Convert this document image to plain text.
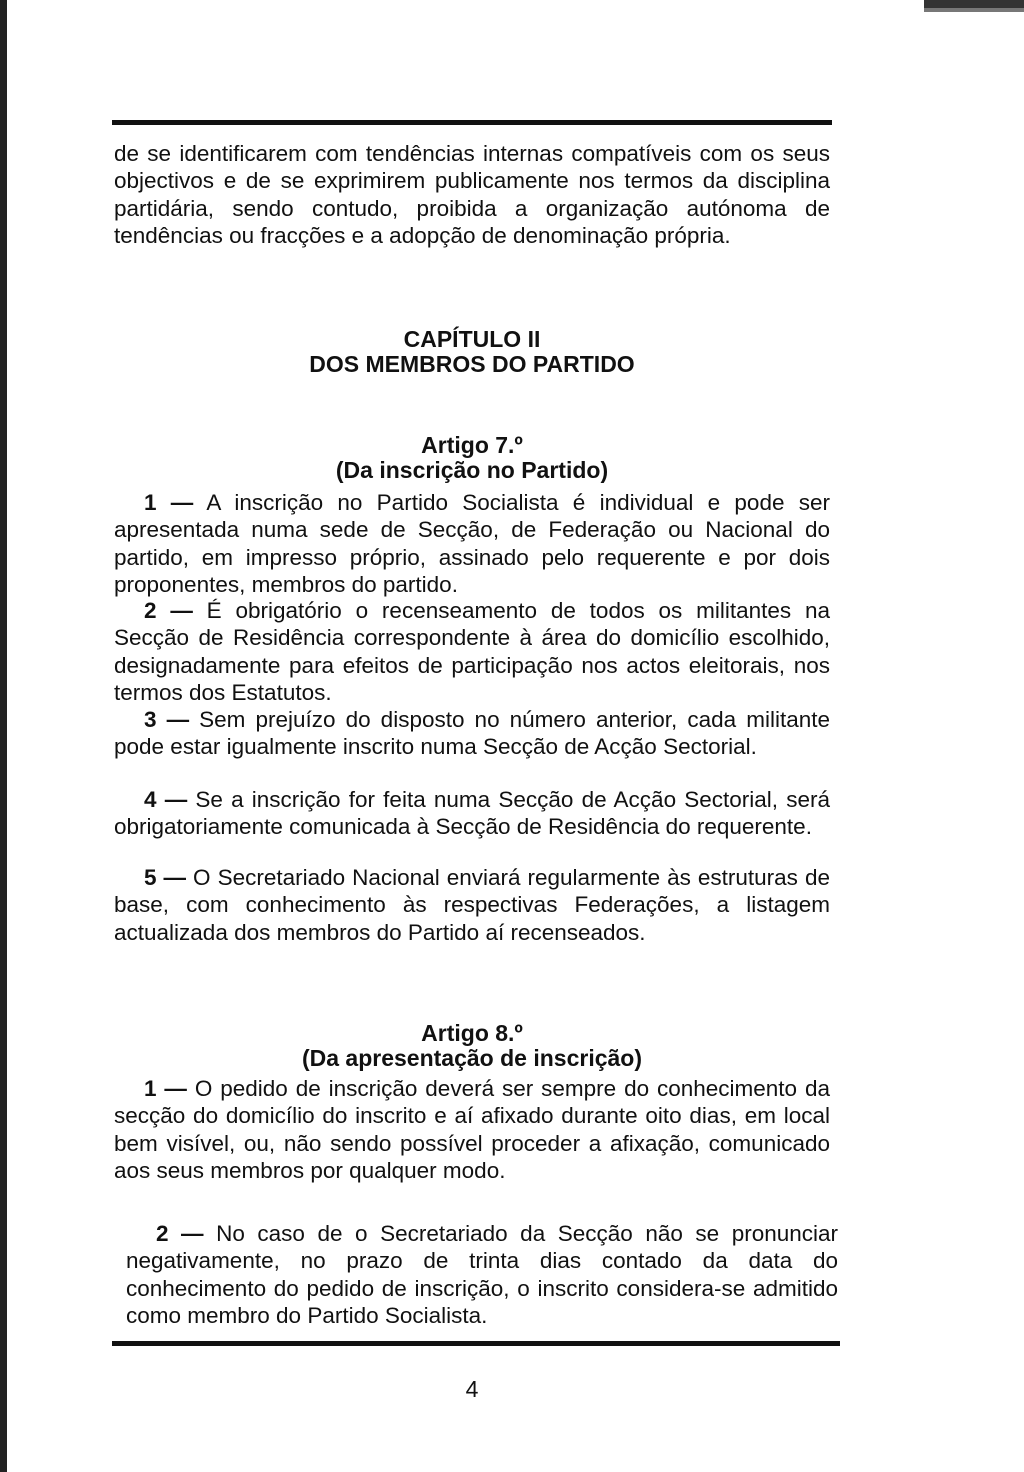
de se identificarem com tendências internas compatíveis com os seus objectivos e de se exprimirem publicamente nos termos da disciplina partidária, sendo contudo, proibida a organização autónoma de tendências ou fracções e a adopção de denominação própria.

CAPÍTULO II
DOS MEMBROS DO PARTIDO
Artigo 7.º
(Da inscrição no Partido)

1 — A inscrição no Partido Socialista é individual e pode ser apresentada numa sede de Secção, de Federação ou Nacional do partido, em impresso próprio, assinado pelo requerente e por dois proponentes, membros do partido.

2 — É obrigatório o recenseamento de todos os militantes na Secção de Residência correspondente à área do domicílio escolhido, designadamente para efeitos de participação nos actos eleitorais, nos termos dos Estatutos.

3 — Sem prejuízo do disposto no número anterior, cada militante pode estar igualmente inscrito numa Secção de Acção Sectorial.

4 — Se a inscrição for feita numa Secção de Acção Sectorial, será obrigatoriamente comunicada à Secção de Residência do requerente.

5 — O Secretariado Nacional enviará regularmente às estruturas de base, com conhecimento às respectivas Federações, a listagem actualizada dos membros do Partido aí recenseados.

Artigo 8.º
(Da apresentação de inscrição)

1 — O pedido de inscrição deverá ser sempre do conhecimento da secção do domicílio do inscrito e aí afixado durante oito dias, em local bem visível, ou, não sendo possível proceder a afixação, comunicado aos seus membros por qualquer modo.

2 — No caso de o Secretariado da Secção não se pronunciar negativamente, no prazo de trinta dias contado da data do conhecimento do pedido de inscrição, o inscrito considera-se admitido como membro do Partido Socialista.

4
